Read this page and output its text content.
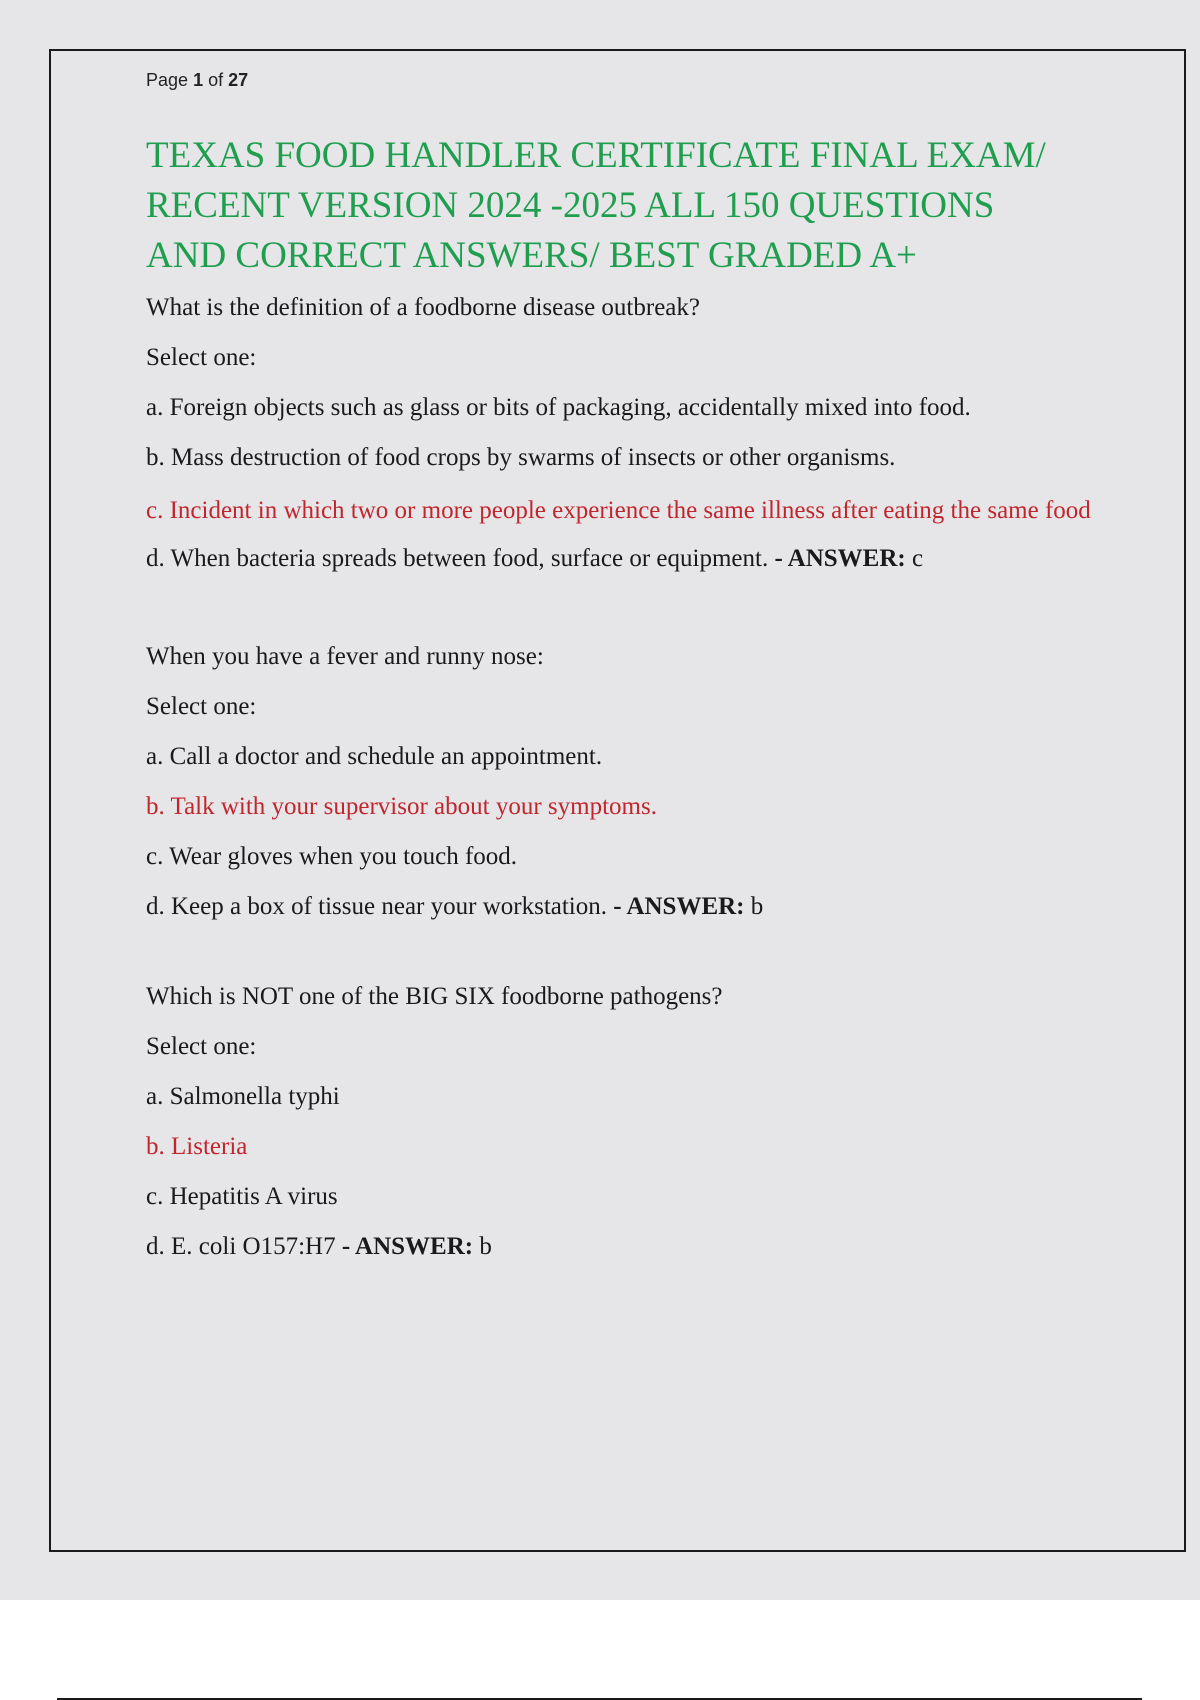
Page 1 of 27
TEXAS FOOD HANDLER CERTIFICATE FINAL EXAM/ RECENT VERSION 2024 -2025 ALL 150 QUESTIONS AND CORRECT ANSWERS/ BEST GRADED A+
What is the definition of a foodborne disease outbreak?
Select one:
a. Foreign objects such as glass or bits of packaging, accidentally mixed into food.
b. Mass destruction of food crops by swarms of insects or other organisms.
c. Incident in which two or more people experience the same illness after eating the same food
d. When bacteria spreads between food, surface or equipment. - ANSWER: c
When you have a fever and runny nose:
Select one:
a. Call a doctor and schedule an appointment.
b. Talk with your supervisor about your symptoms.
c. Wear gloves when you touch food.
d. Keep a box of tissue near your workstation. - ANSWER: b
Which is NOT one of the BIG SIX foodborne pathogens?
Select one:
a. Salmonella typhi
b. Listeria
c. Hepatitis A virus
d. E. coli O157:H7 - ANSWER: b
